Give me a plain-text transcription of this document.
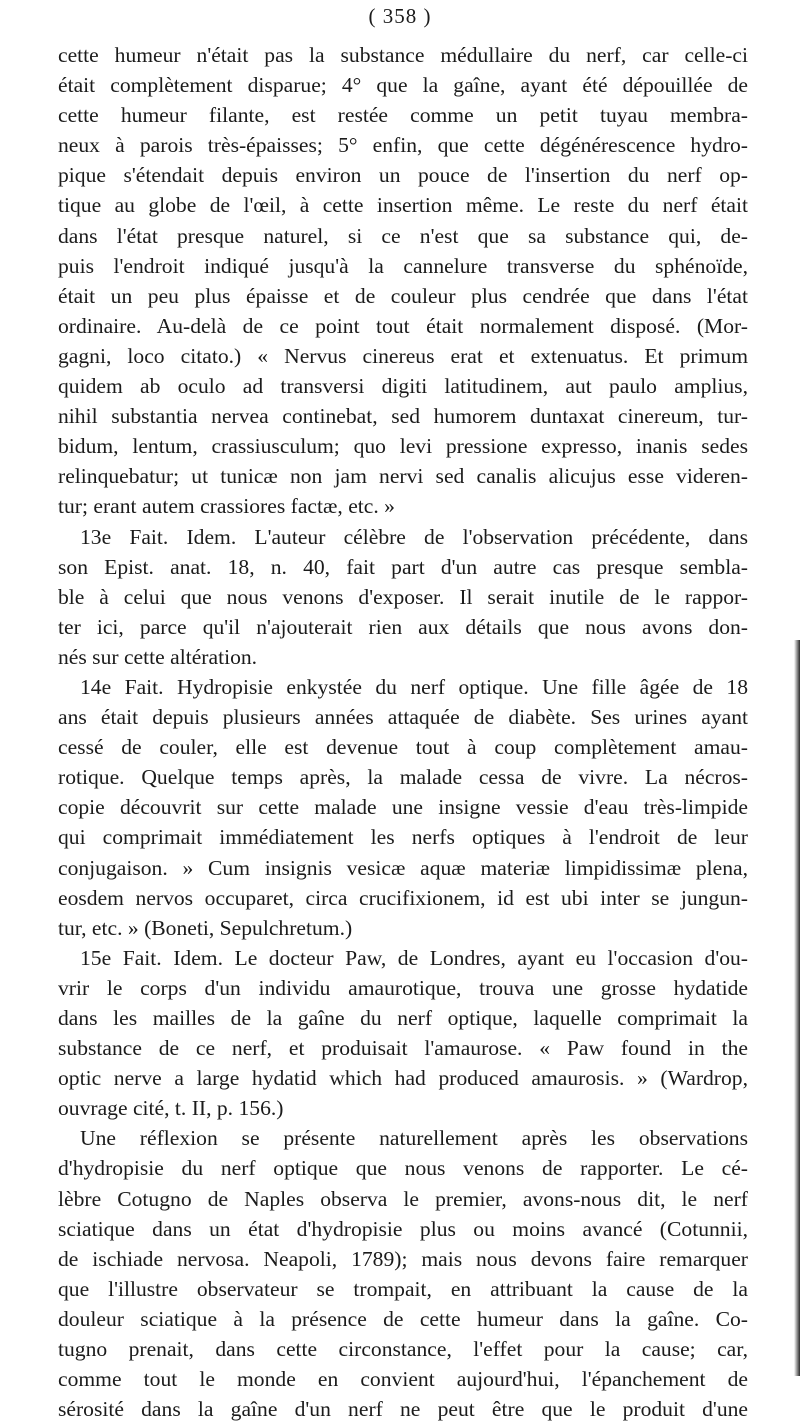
( 358 )
cette humeur n'était pas la substance médullaire du nerf, car celle-ci
était complètement disparue; 4° que la gaîne, ayant été dépouillée de
cette humeur filante, est restée comme un petit tuyau membra-
neux à parois très-épaisses; 5° enfin, que cette dégénérescence hydro-
pique s'étendait depuis environ un pouce de l'insertion du nerf op-
tique au globe de l'œil, à cette insertion même. Le reste du nerf était
dans l'état presque naturel, si ce n'est que sa substance qui, de-
puis l'endroit indiqué jusqu'à la cannelure transverse du sphénoïde,
était un peu plus épaisse et de couleur plus cendrée que dans l'état
ordinaire. Au-delà de ce point tout était normalement disposé. (Mor-
gagni, loco citato.) « Nervus cinereus erat et extenuatus. Et primum
quidem ab oculo ad transversi digiti latitudinem, aut paulo amplius,
nihil substantia nervea continebat, sed humorem duntaxat cinereum, tur-
bidum, lentum, crassiusculum; quo levi pressione expresso, inanis sedes
relinquebatur; ut tunicæ non jam nervi sed canalis alicujus esse videren-
tur; erant autem crassiores factæ, etc. »
13e Fait. Idem. L'auteur célèbre de l'observation précédente, dans
son Epist. anat. 18, n. 40, fait part d'un autre cas presque sembla-
ble à celui que nous venons d'exposer. Il serait inutile de le rappor-
ter ici, parce qu'il n'ajouterait rien aux détails que nous avons don-
nés sur cette altération.
14e Fait. Hydropisie enkystée du nerf optique. Une fille âgée de 18
ans était depuis plusieurs années attaquée de diabète. Ses urines ayant
cessé de couler, elle est devenue tout à coup complètement amau-
rotique. Quelque temps après, la malade cessa de vivre. La nécros-
copie découvrit sur cette malade une insigne vessie d'eau très-limpide
qui comprimait immédiatement les nerfs optiques à l'endroit de leur
conjugaison. » Cum insignis vesicæ aquæ materiæ limpidissimæ plena,
eosdem nervos occuparet, circa crucifixionem, id est ubi inter se jungun-
tur, etc. » (Boneti, Sepulchretum.)
15e Fait. Idem. Le docteur Paw, de Londres, ayant eu l'occasion d'ou-
vrir le corps d'un individu amaurotique, trouva une grosse hydatide
dans les mailles de la gaîne du nerf optique, laquelle comprimait la
substance de ce nerf, et produisait l'amaurose. « Paw found in the
optic nerve a large hydatid which had produced amaurosis. » (Wardrop,
ouvrage cité, t. II, p. 156.)
Une réflexion se présente naturellement après les observations
d'hydropisie du nerf optique que nous venons de rapporter. Le cé-
lèbre Cotugno de Naples observa le premier, avons-nous dit, le nerf
sciatique dans un état d'hydropisie plus ou moins avancé (Cotunnii,
de ischiade nervosa. Neapoli, 1789); mais nous devons faire remarquer
que l'illustre observateur se trompait, en attribuant la cause de la
douleur sciatique à la présence de cette humeur dans la gaîne. Co-
tugno prenait, dans cette circonstance, l'effet pour la cause; car,
comme tout le monde en convient aujourd'hui, l'épanchement de
sérosité dans la gaîne d'un nerf ne peut être que le produit d'une
